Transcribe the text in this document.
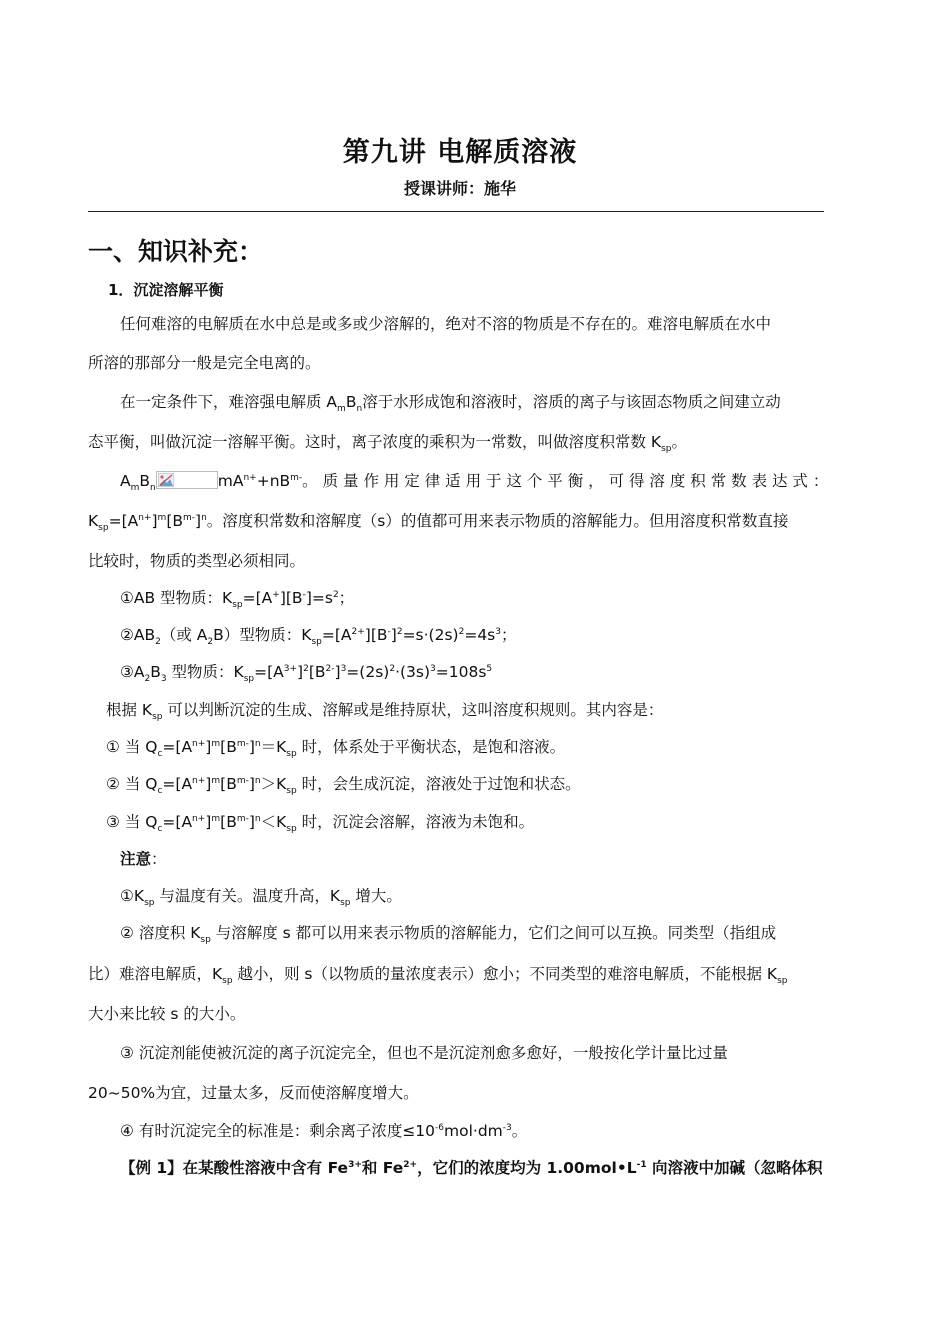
第九讲 电解质溶液
授课讲师：施华
一、知识补充：
1．沉淀溶解平衡
任何难溶的电解质在水中总是或多或少溶解的，绝对不溶的物质是不存在的。难溶电解质在水中
所溶的那部分一般是完全电离的。
在一定条件下，难溶强电解质 $A_mB_n$溶于水形成饱和溶液时，溶质的离子与该固态物质之间建立动
态平衡，叫做沉淀一溶解平衡。这时，离子浓度的乘积为一常数，叫做溶度积常数 $K_{sp}$。
$A_mB_n$	$mA^{n+}+nB^{m-}$。 质 量 作 用 定 律 适 用 于 这 个 平 衡 ， 可 得 溶 度 积 常 数 表 达 式 ：
$K_{sp}=[A^{n+}]^m[B^{m-}]^n$。溶度积常数和溶解度（s）的值都可用来表示物质的溶解能力。但用溶度积常数直接
比较时，物质的类型必须相同。
①AB 型物质：$K_{sp}=[A^+][B^-]=s^2$；
$②AB_2$（或 $A_2B$）型物质：$K_{sp}=[A^{2+}][B^-]^2=s\cdot(2s)^2=4s^3$；
$③A_2B_3$ 型物质：$K_{sp}=[A^{3+}]^2[B^{2-}]^3=(2s)^2\cdot(3s)^3=108s^5$
根据 $K_{sp}$ 可以判断沉淀的生成、溶解或是维持原状，这叫溶度积规则。其内容是：
① 当 $Q_c=[A^{n+}]^m[B^{m-}]^n=K_{sp}$ 时，体系处于平衡状态，是饱和溶液。
② 当 $Q_c=[A^{n+}]^m[B^{m-}]^n>K_{sp}$ 时，会生成沉淀，溶液处于过饱和状态。
③ 当 $Q_c=[A^{n+}]^m[B^{m-}]^n<K_{sp}$ 时，沉淀会溶解，溶液为未饱和。
注意：
$①K_{sp}$ 与温度有关。温度升高，$K_{sp}$ 增大。
② 溶度积 $K_{sp}$ 与溶解度 s 都可以用来表示物质的溶解能力，它们之间可以互换。同类型（指组成
比）难溶电解质，$K_{sp}$ 越小，则 s（以物质的量浓度表示）愈小；不同类型的难溶电解质，不能根据 $K_{sp}$
大小来比较 s 的大小。
③ 沉淀剂能使被沉淀的离子沉淀完全，但也不是沉淀剂愈多愈好，一般按化学计量比过量
20~50%为宜，过量太多，反而使溶解度增大。
④ 有时沉淀完全的标准是：剩余离子浓度$\le 10^{-6}mol\cdot dm^{-3}$。
【例 1】在某酸性溶液中含有 $Fe^{3+}$和 $Fe^{2+}$，它们的浓度均为 $1.00mol•L^{-1}$ 向溶液中加碱（忽略体积
